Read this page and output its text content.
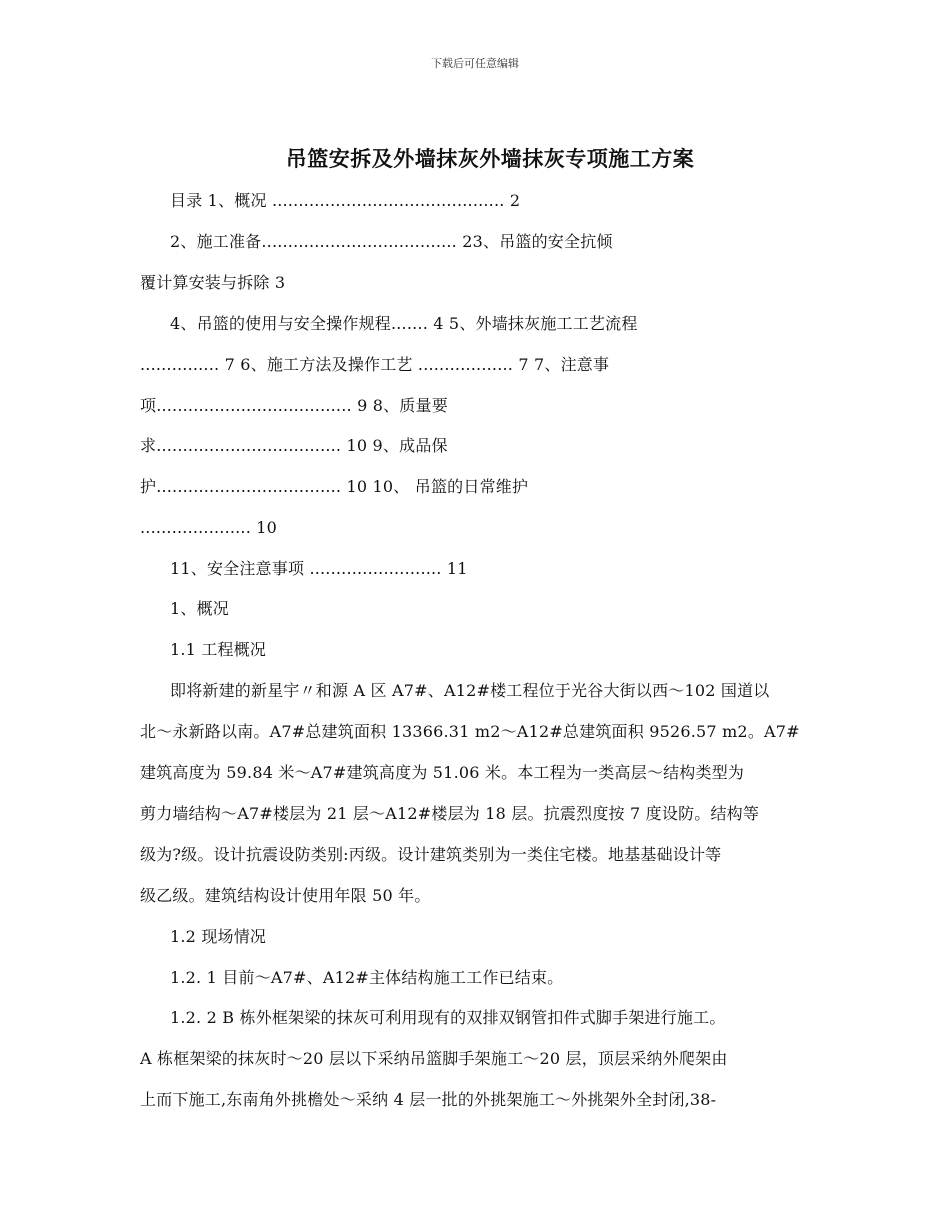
下载后可任意编辑
吊篮安拆及外墙抹灰外墙抹灰专项施工方案
目录 1、概况 ............................................ 2
2、施工准备..................................... 23、吊篮的安全抗倾
覆计算安装与拆除 3
4、吊篮的使用与安全操作规程....... 4 5、外墙抹灰施工工艺流程
............... 7 6、施工方法及操作工艺 .................. 7 7、注意事
项..................................... 9 8、质量要
求................................... 10 9、成品保
护................................... 10 10、 吊篮的日常维护
..................... 10
11、安全注意事项 ......................... 11
1、概况
1.1 工程概况
即将新建的新星宇〃和源 A 区 A7#、A12#楼工程位于光谷大街以西～102 国道以
北～永新路以南。A7#总建筑面积 13366.31 m2～A12#总建筑面积 9526.57 m2。A7#
建筑高度为 59.84 米～A7#建筑高度为 51.06 米。本工程为一类高层～结构类型为
剪力墙结构～A7#楼层为 21 层～A12#楼层为 18 层。抗震烈度按 7 度设防。结构等
级为?级。设计抗震设防类别:丙级。设计建筑类别为一类住宅楼。地基基础设计等
级乙级。建筑结构设计使用年限 50 年。
1.2 现场情况
1.2. 1 目前～A7#、A12#主体结构施工工作已结束。
1.2. 2 B 栋外框架梁的抹灰可利用现有的双排双钢管扣件式脚手架进行施工。
A 栋框架梁的抹灰时～20 层以下采纳吊篮脚手架施工～20 层，顶层采纳外爬架由
上而下施工,东南角外挑檐处～采纳 4 层一批的外挑架施工～外挑架外全封闭,38-
